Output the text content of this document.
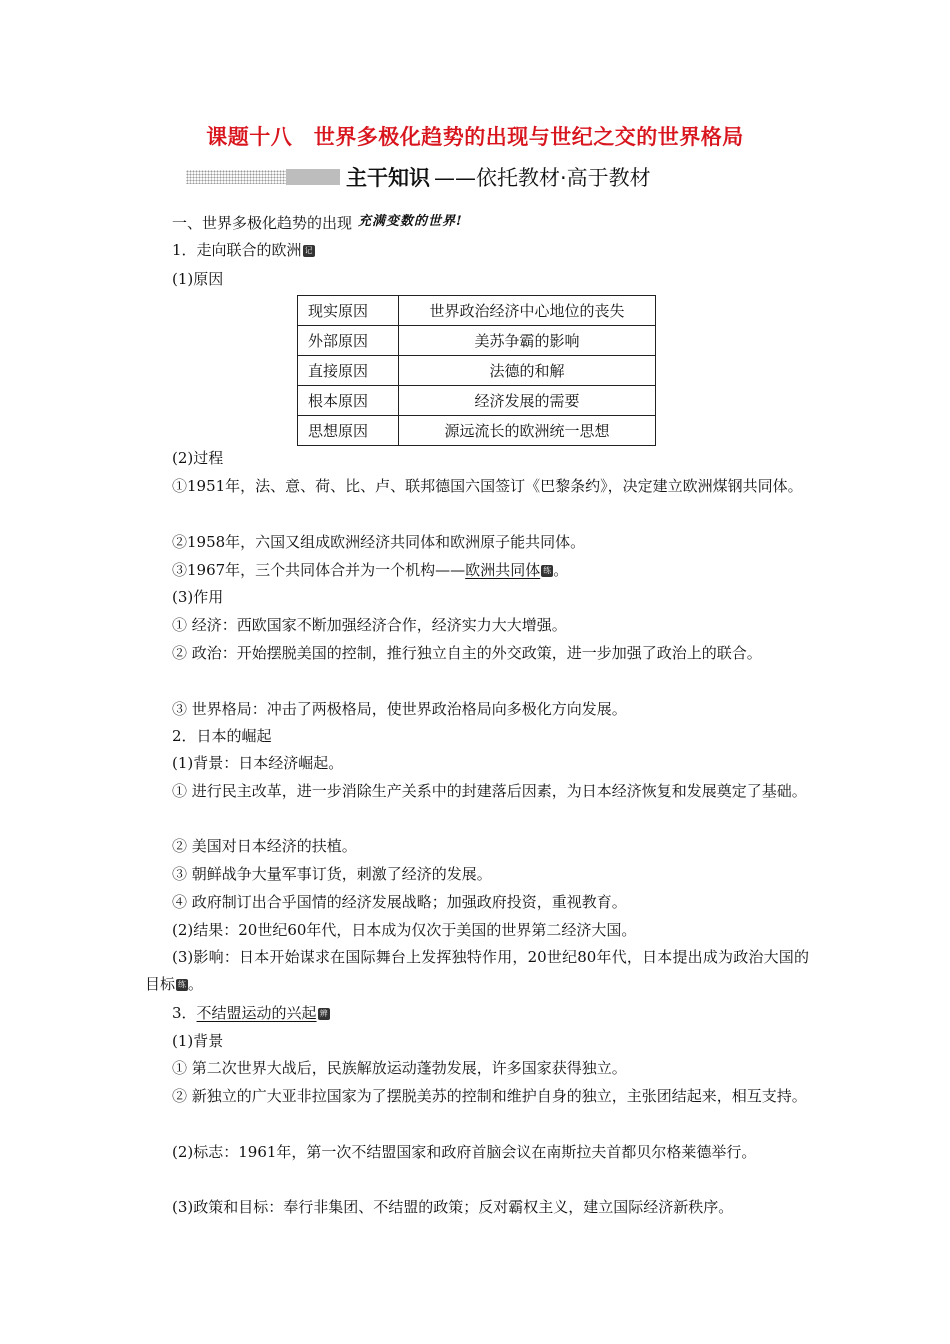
课题十八　世界多极化趋势的出现与世纪之交的世界格局
主干知识 ——依托教材·高于教材
一、世界多极化趋势的出现 充满变数的世界!
1．走向联合的欧洲 记
(1)原因
现实原因	世界政治经济中心地位的丧失
外部原因	美苏争霸的影响
直接原因	法德的和解
根本原因	经济发展的需要
思想原因	源远流长的欧洲统一思想
(2)过程
①1951年，法、意、荷、比、卢、联邦德国六国签订《巴黎条约》，决定建立欧洲煤钢共同体。
②1958年，六国又组成欧洲经济共同体和欧洲原子能共同体。
③1967年，三个共同体合并为一个机构——欧洲共同体 练 。
(3)作用
① 经济：西欧国家不断加强经济合作，经济实力大大增强。
② 政治：开始摆脱美国的控制，推行独立自主的外交政策，进一步加强了政治上的联合。
③ 世界格局：冲击了两极格局，使世界政治格局向多极化方向发展。
2．日本的崛起
(1)背景：日本经济崛起。
① 进行民主改革，进一步消除生产关系中的封建落后因素，为日本经济恢复和发展奠定了基础。
② 美国对日本经济的扶植。
③ 朝鲜战争大量军事订货，刺激了经济的发展。
④ 政府制订出合乎国情的经济发展战略；加强政府投资，重视教育。
(2)结果：20世纪60年代，日本成为仅次于美国的世界第二经济大国。
(3)影响：日本开始谋求在国际舞台上发挥独特作用，20世纪80年代，日本提出成为政治大国的目标 练 。
3．不结盟运动的兴起 辨
(1)背景
① 第二次世界大战后，民族解放运动蓬勃发展，许多国家获得独立。
② 新独立的广大亚非拉国家为了摆脱美苏的控制和维护自身的独立，主张团结起来，相互支持。
(2)标志：1961年，第一次不结盟国家和政府首脑会议在南斯拉夫首都贝尔格莱德举行。
(3)政策和目标：奉行非集团、不结盟的政策；反对霸权主义，建立国际经济新秩序。
